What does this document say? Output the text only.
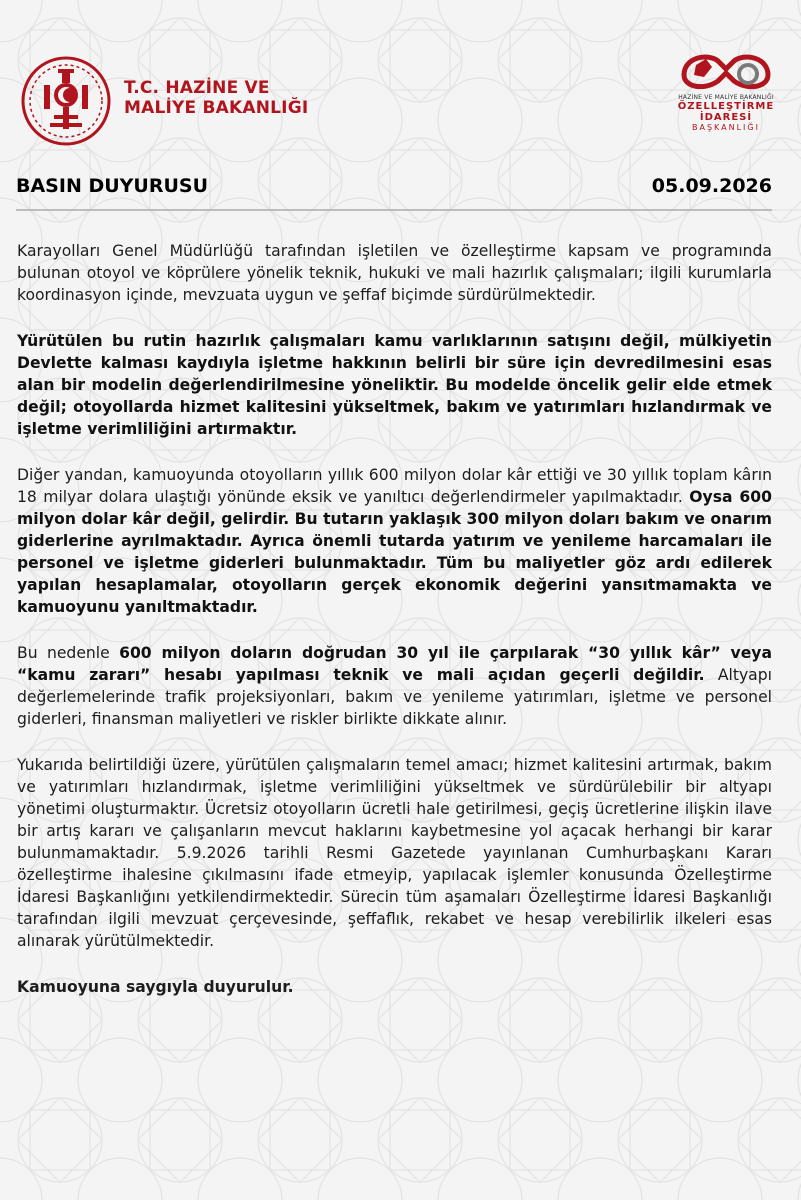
T.C. HAZİNE VE
MALİYE BAKANLIĞI
HAZİNE VE MALİYE BAKANLIĞI
ÖZELLEŞTİRME
İDARESİ
BAŞKANLIĞI
BASIN DUYURUSU	05.09.2026

Karayolları Genel Müdürlüğü tarafından işletilen ve özelleştirme kapsam ve programında bulunan otoyol ve köprülere yönelik teknik, hukuki ve mali hazırlık çalışmaları; ilgili kurumlarla koordinasyon içinde, mevzuata uygun ve şeffaf biçimde sürdürülmektedir.

Yürütülen bu rutin hazırlık çalışmaları kamu varlıklarının satışını değil, mülkiyetin Devlette kalması kaydıyla işletme hakkının belirli bir süre için devredilmesini esas alan bir modelin değerlendirilmesine yöneliktir. Bu modelde öncelik gelir elde etmek değil; otoyollarda hizmet kalitesini yükseltmek, bakım ve yatırımları hızlandırmak ve işletme verimliliğini artırmaktır.

Diğer yandan, kamuoyunda otoyolların yıllık 600 milyon dolar kâr ettiği ve 30 yıllık toplam kârın 18 milyar dolara ulaştığı yönünde eksik ve yanıltıcı değerlendirmeler yapılmaktadır. Oysa 600 milyon dolar kâr değil, gelirdir. Bu tutarın yaklaşık 300 milyon doları bakım ve onarım giderlerine ayrılmaktadır. Ayrıca önemli tutarda yatırım ve yenileme harcamaları ile personel ve işletme giderleri bulunmaktadır. Tüm bu maliyetler göz ardı edilerek yapılan hesaplamalar, otoyolların gerçek ekonomik değerini yansıtmamakta ve kamuoyunu yanıltmaktadır.

Bu nedenle 600 milyon doların doğrudan 30 yıl ile çarpılarak “30 yıllık kâr” veya “kamu zararı” hesabı yapılması teknik ve mali açıdan geçerli değildir. Altyapı değerlemelerinde trafik projeksiyonları, bakım ve yenileme yatırımları, işletme ve personel giderleri, finansman maliyetleri ve riskler birlikte dikkate alınır.

Yukarıda belirtildiği üzere, yürütülen çalışmaların temel amacı; hizmet kalitesini artırmak, bakım ve yatırımları hızlandırmak, işletme verimliliğini yükseltmek ve sürdürülebilir bir altyapı yönetimi oluşturmaktır. Ücretsiz otoyolların ücretli hale getirilmesi, geçiş ücretlerine ilişkin ilave bir artış kararı ve çalışanların mevcut haklarını kaybetmesine yol açacak herhangi bir karar bulunmamaktadır. 5.9.2026 tarihli Resmi Gazetede yayınlanan Cumhurbaşkanı Kararı özelleştirme ihalesine çıkılmasını ifade etmeyip, yapılacak işlemler konusunda Özelleştirme İdaresi Başkanlığını yetkilendirmektedir. Sürecin tüm aşamaları Özelleştirme İdaresi Başkanlığı tarafından ilgili mevzuat çerçevesinde, şeffaflık, rekabet ve hesap verebilirlik ilkeleri esas alınarak yürütülmektedir.

Kamuoyuna saygıyla duyurulur.
